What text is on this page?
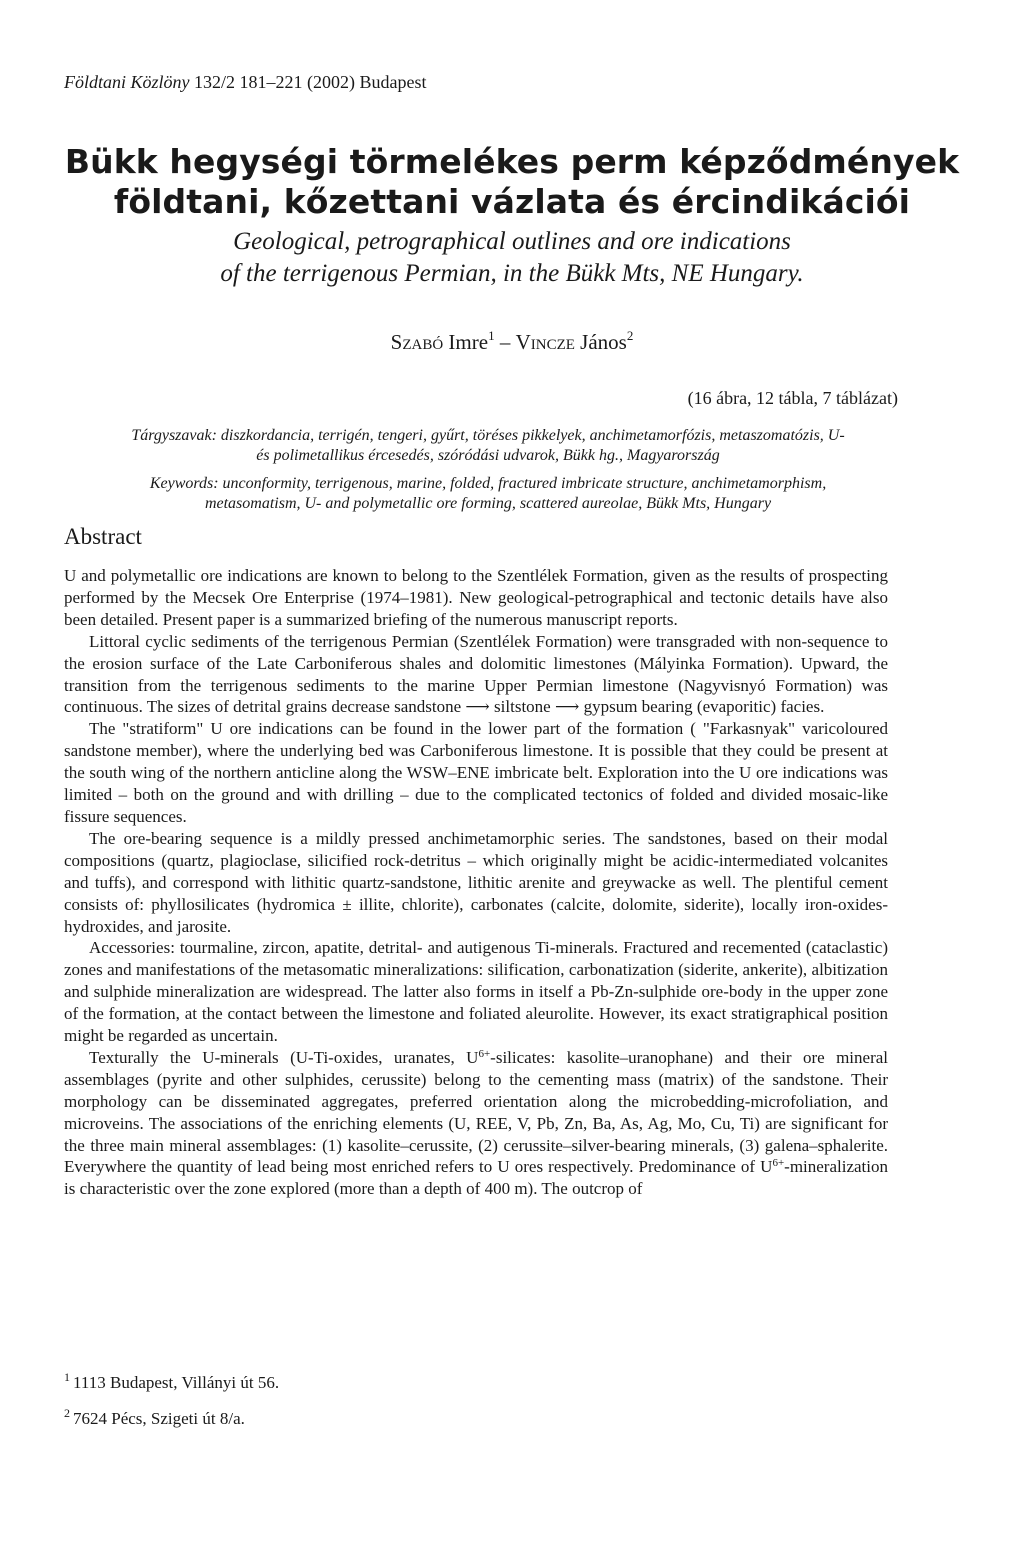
Földtani Közlöny 132/2 181–221 (2002) Budapest
Bükk hegységi törmelékes perm képződmények
földtani, kőzettani vázlata és ércindikációi
Geological, petrographical outlines and ore indications
of the terrigenous Permian, in the Bükk Mts, NE Hungary.
Szabó Imre$^1$ – Vincze János$^2$
(16 ábra, 12 tábla, 7 táblázat)
Tárgyszavak: diszkordancia, terrigén, tengeri, gyűrt, töréses pikkelyek, anchimetamorfózis, metaszomatózis, U-
és polimetallikus ércesedés, szóródási udvarok, Bükk hg., Magyarország
Keywords: unconformity, terrigenous, marine, folded, fractured imbricate structure, anchimetamorphism,
metasomatism, U- and polymetallic ore forming, scattered aureolae, Bükk Mts, Hungary
Abstract

U and polymetallic ore indications are known to belong to the Szentlélek Formation, given as the results of prospecting performed by the Mecsek Ore Enterprise (1974–1981). New geological-petrographical and tectonic details have also been detailed. Present paper is a summarized briefing of the numerous manuscript reports.

Littoral cyclic sediments of the terrigenous Permian (Szentlélek Formation) were transgraded with non-sequence to the erosion surface of the Late Carboniferous shales and dolomitic limestones (Mályinka Formation). Upward, the transition from the terrigenous sediments to the marine Upper Permian limestone (Nagyvisnyó Formation) was continuous. The sizes of detrital grains decrease sandstone ⟶ siltstone ⟶ gypsum bearing (evaporitic) facies.

The "stratiform" U ore indications can be found in the lower part of the formation ( "Farkasnyak" varicoloured sandstone member), where the underlying bed was Carboniferous limestone. It is possible that they could be present at the south wing of the northern anticline along the WSW–ENE imbricate belt. Exploration into the U ore indications was limited – both on the ground and with drilling – due to the complicated tectonics of folded and divided mosaic-like fissure sequences.

The ore-bearing sequence is a mildly pressed anchimetamorphic series. The sandstones, based on their modal compositions (quartz, plagioclase, silicified rock-detritus – which originally might be acidic-intermediated volcanites and tuffs), and correspond with lithitic quartz-sandstone, lithitic arenite and greywacke as well. The plentiful cement consists of: phyllosilicates (hydromica ± illite, chlorite), carbonates (calcite, dolomite, siderite), locally iron-oxides-hydroxides, and jarosite.

Accessories: tourmaline, zircon, apatite, detrital- and autigenous Ti-minerals. Fractured and recemented (cataclastic) zones and manifestations of the metasomatic mineralizations: silification, carbonatization (siderite, ankerite), albitization and sulphide mineralization are widespread. The latter also forms in itself a Pb-Zn-sulphide ore-body in the upper zone of the formation, at the contact between the limestone and foliated aleurolite. However, its exact stratigraphical position might be regarded as uncertain.

Texturally the U-minerals (U-Ti-oxides, uranates, $U^{6+}$-silicates: kasolite–uranophane) and their ore mineral assemblages (pyrite and other sulphides, cerussite) belong to the cementing mass (matrix) of the sandstone. Their morphology can be disseminated aggregates, preferred orientation along the microbedding-microfoliation, and microveins. The associations of the enriching elements (U, REE, V, Pb, Zn, Ba, As, Ag, Mo, Cu, Ti) are significant for the three main mineral assemblages: (1) kasolite–cerussite, (2) cerussite–silver-bearing minerals, (3) galena–sphalerite. Everywhere the quantity of lead being most enriched refers to U ores respectively. Predominance of $U^{6+}$-mineralization is characteristic over the zone explored (more than a depth of 400 m). The outcrop of

$^1$ 1113 Budapest, Villányi út 56.
$^2$ 7624 Pécs, Szigeti út 8/a.
